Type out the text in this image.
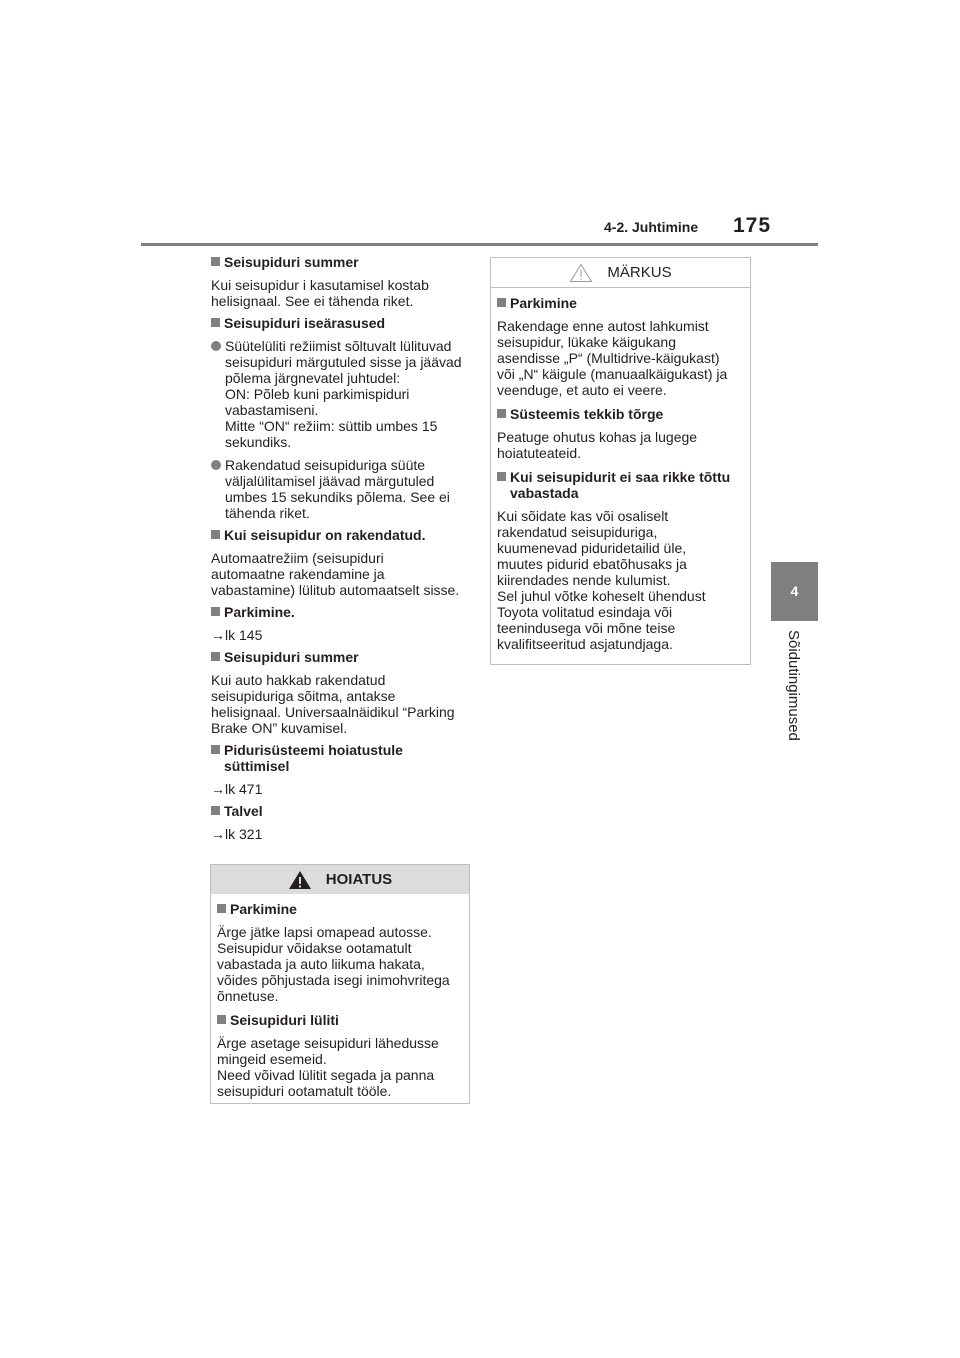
4-2. Juhtimine 175
4
Sõidutingimused
Seisupiduri summer
Kui seisupidur i kasutamisel kostab
helisignaal. See ei tähenda riket.
Seisupiduri iseärasused
Süütelüliti režiimist sõltuvalt lülituvad
seisupiduri märgutuled sisse ja jäävad
põlema järgnevatel juhtudel:
ON: Põleb kuni parkimispiduri
vabastamiseni.
Mitte “ON“ režiim: süttib umbes 15
sekundiks.
Rakendatud seisupiduriga süüte
väljalülitamisel jäävad märgutuled
umbes 15 sekundiks põlema. See ei
tähenda riket.
Kui seisupidur on rakendatud.
Automaatrežiim (seisupiduri
automaatne rakendamine ja
vabastamine) lülitub automaatselt sisse.
Parkimine.
→lk 145
Seisupiduri summer
Kui auto hakkab rakendatud
seisupiduriga sõitma, antakse
helisignaal. Universaalnäidikul “Parking
Brake ON” kuvamisel.
Pidurisüsteemi hoiatustule
süttimisel
→lk 471
Talvel
→lk 321
HOIATUS
Parkimine
Ärge jätke lapsi omapead autosse.
Seisupidur võidakse ootamatult
vabastada ja auto liikuma hakata,
võides põhjustada isegi inimohvritega
õnnetuse.
Seisupiduri lüliti
Ärge asetage seisupiduri lähedusse
mingeid esemeid.
Need võivad lülitit segada ja panna
seisupiduri ootamatult tööle.
MÄRKUS
Parkimine
Rakendage enne autost lahkumist
seisupidur, lükake käigukang
asendisse „P“ (Multidrive-käigukast)
või „N“ käigule (manuaalkäigukast) ja
veenduge, et auto ei veere.
Süsteemis tekkib tõrge
Peatuge ohutus kohas ja lugege
hoiatuteateid.
Kui seisupidurit ei saa rikke tõttu
vabastada
Kui sõidate kas või osaliselt
rakendatud seisupiduriga,
kuumenevad piduridetailid üle,
muutes pidurid ebatõhusaks ja
kiirendades nende kulumist.
Sel juhul võtke koheselt ühendust
Toyota volitatud esindaja või
teenindusega või mõne teise
kvalifitseeritud asjatundjaga.
